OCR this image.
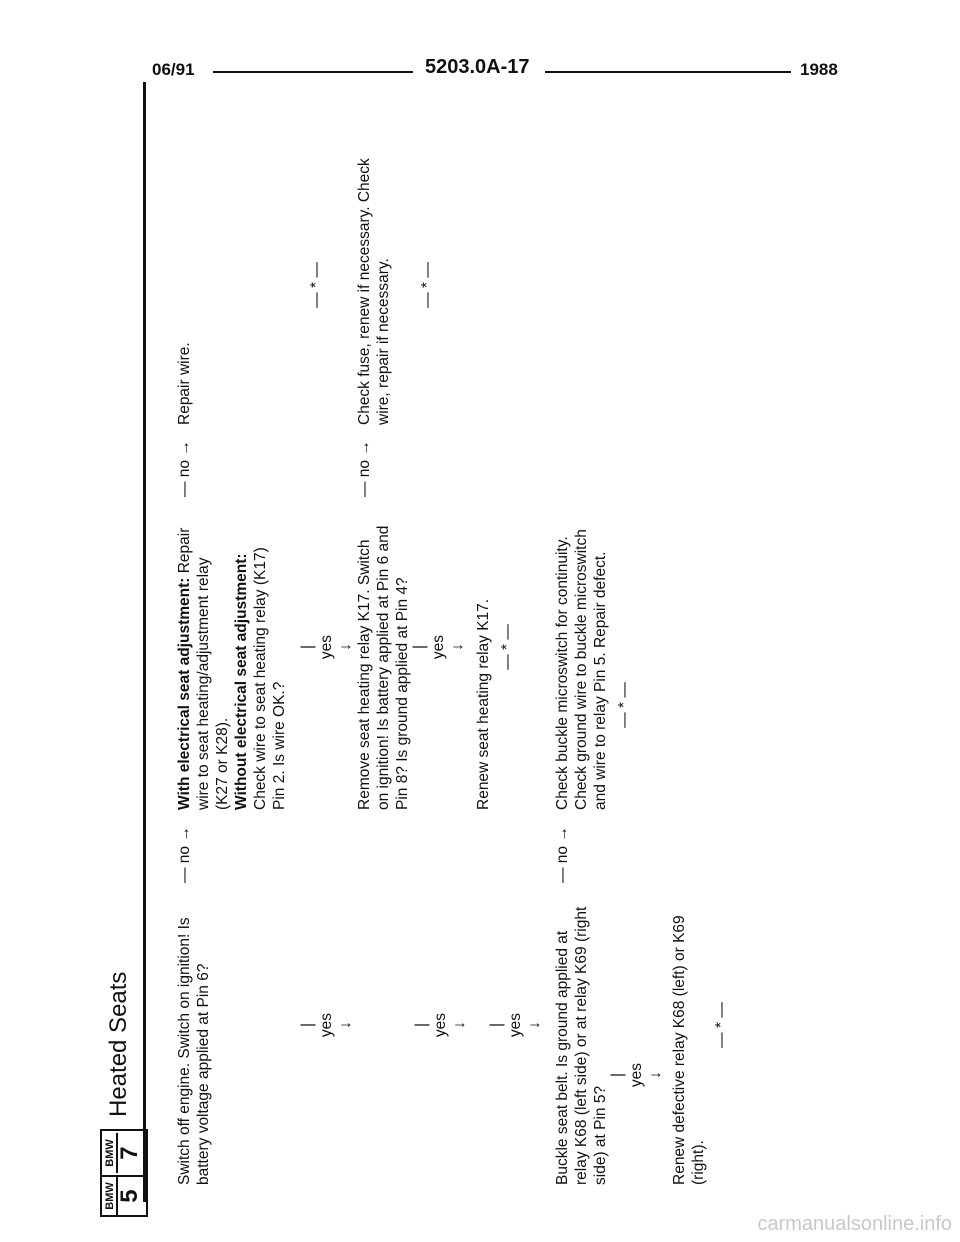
06/91	5203.0A-17	1988
BMW 5
BMW 7
Heated Seats	Switch off engine. Switch on ignition! Is battery voltage applied at Pin 6?
— no →
With electrical seat adjustment: Repair
wire to seat heating/adjustment relay (K27 or K28). Without electrical seat adjustment: Check wire to seat heating relay (K17) Pin 2. Is wire OK.?
— no →
Repair wire.
— * —
| yes ↓
| yes ↓ Remove seat heating relay K17. Switch on ignition! Is battery applied at Pin 6 and Pin 8? Is ground applied at Pin 4?
— no →
Check fuse, renew if necessary. Check wire, repair if necessary. — * —
| yes ↓
| yes ↓ Renew seat heating relay K17. — * —
| yes ↓ Buckle seat belt. Is ground applied at relay K68 (left side) or at relay K69 (right side) at Pin 5?
— no →
Check buckle microswitch for continuity. Check ground wire to buckle microswitch and wire to relay Pin 5. Repair defect. — * —
| yes ↓ Renew defective relay K68 (left) or K69 (right).
— * —
carmanualsonline.info
